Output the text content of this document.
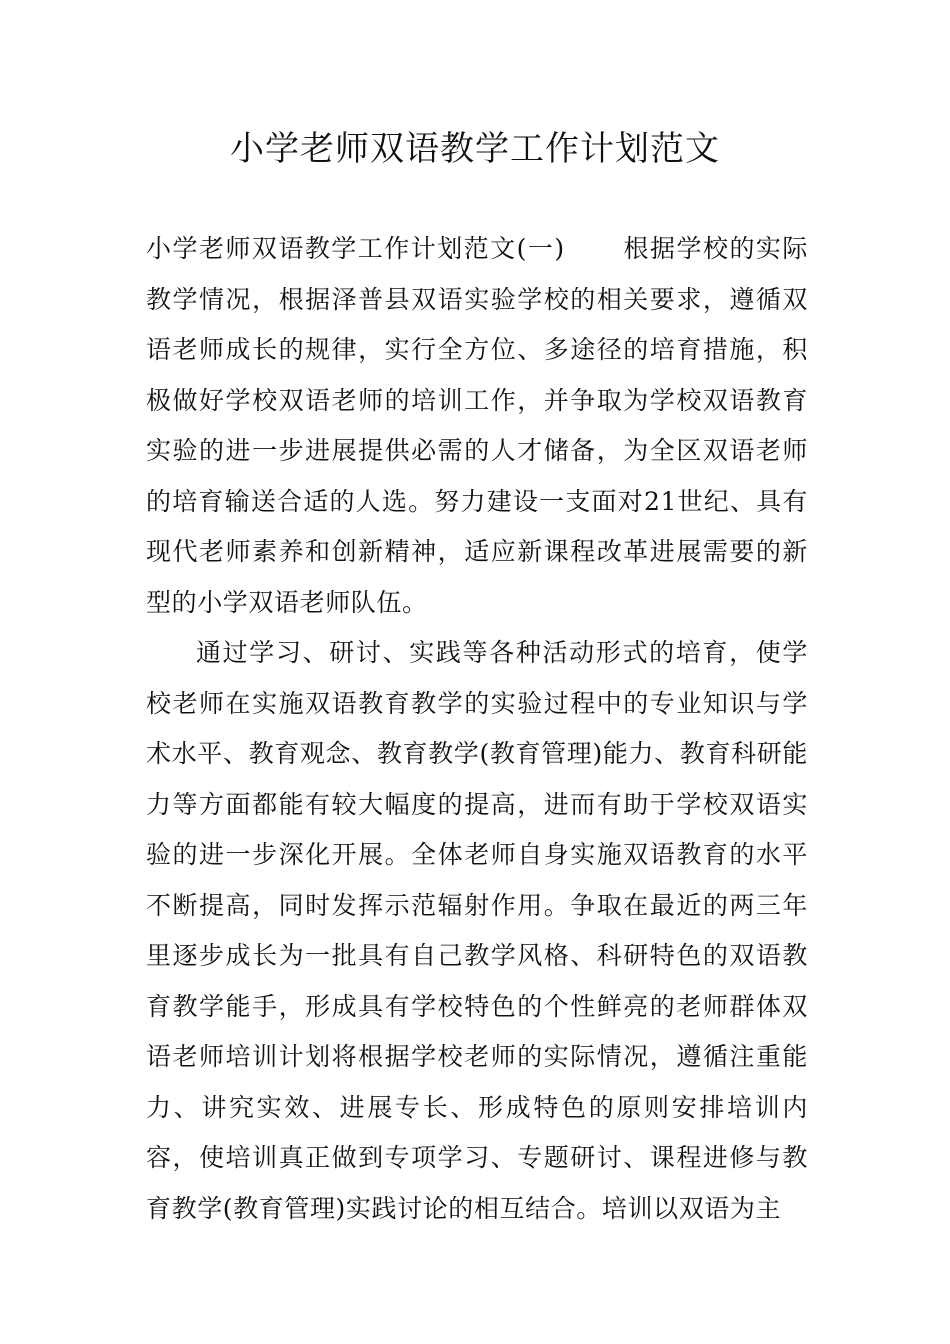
小学老师双语教学工作计划范文

小学老师双语教学工作计划范文(一) 根据学校的实际教学情况，根据泽普县双语实验学校的相关要求，遵循双语老师成长的规律，实行全方位、多途径的培育措施，积极做好学校双语老师的培训工作，并争取为学校双语教育实验的进一步进展提供必需的人才储备，为全区双语老师的培育输送合适的人选。努力建设一支面对21世纪、具有现代老师素养和创新精神，适应新课程改革进展需要的新型的小学双语老师队伍。

通过学习、研讨、实践等各种活动形式的培育，使学校老师在实施双语教育教学的实验过程中的专业知识与学术水平、教育观念、教育教学(教育管理)能力、教育科研能力等方面都能有较大幅度的提高，进而有助于学校双语实验的进一步深化开展。全体老师自身实施双语教育的水平不断提高，同时发挥示范辐射作用。争取在最近的两三年里逐步成长为一批具有自己教学风格、科研特色的双语教育教学能手，形成具有学校特色的个性鲜亮的老师群体双语老师培训计划将根据学校老师的实际情况，遵循注重能力、讲究实效、进展专长、形成特色的原则安排培训内容，使培训真正做到专项学习、专题研讨、课程进修与教育教学(教育管理)实践讨论的相互结合。培训以双语为主
